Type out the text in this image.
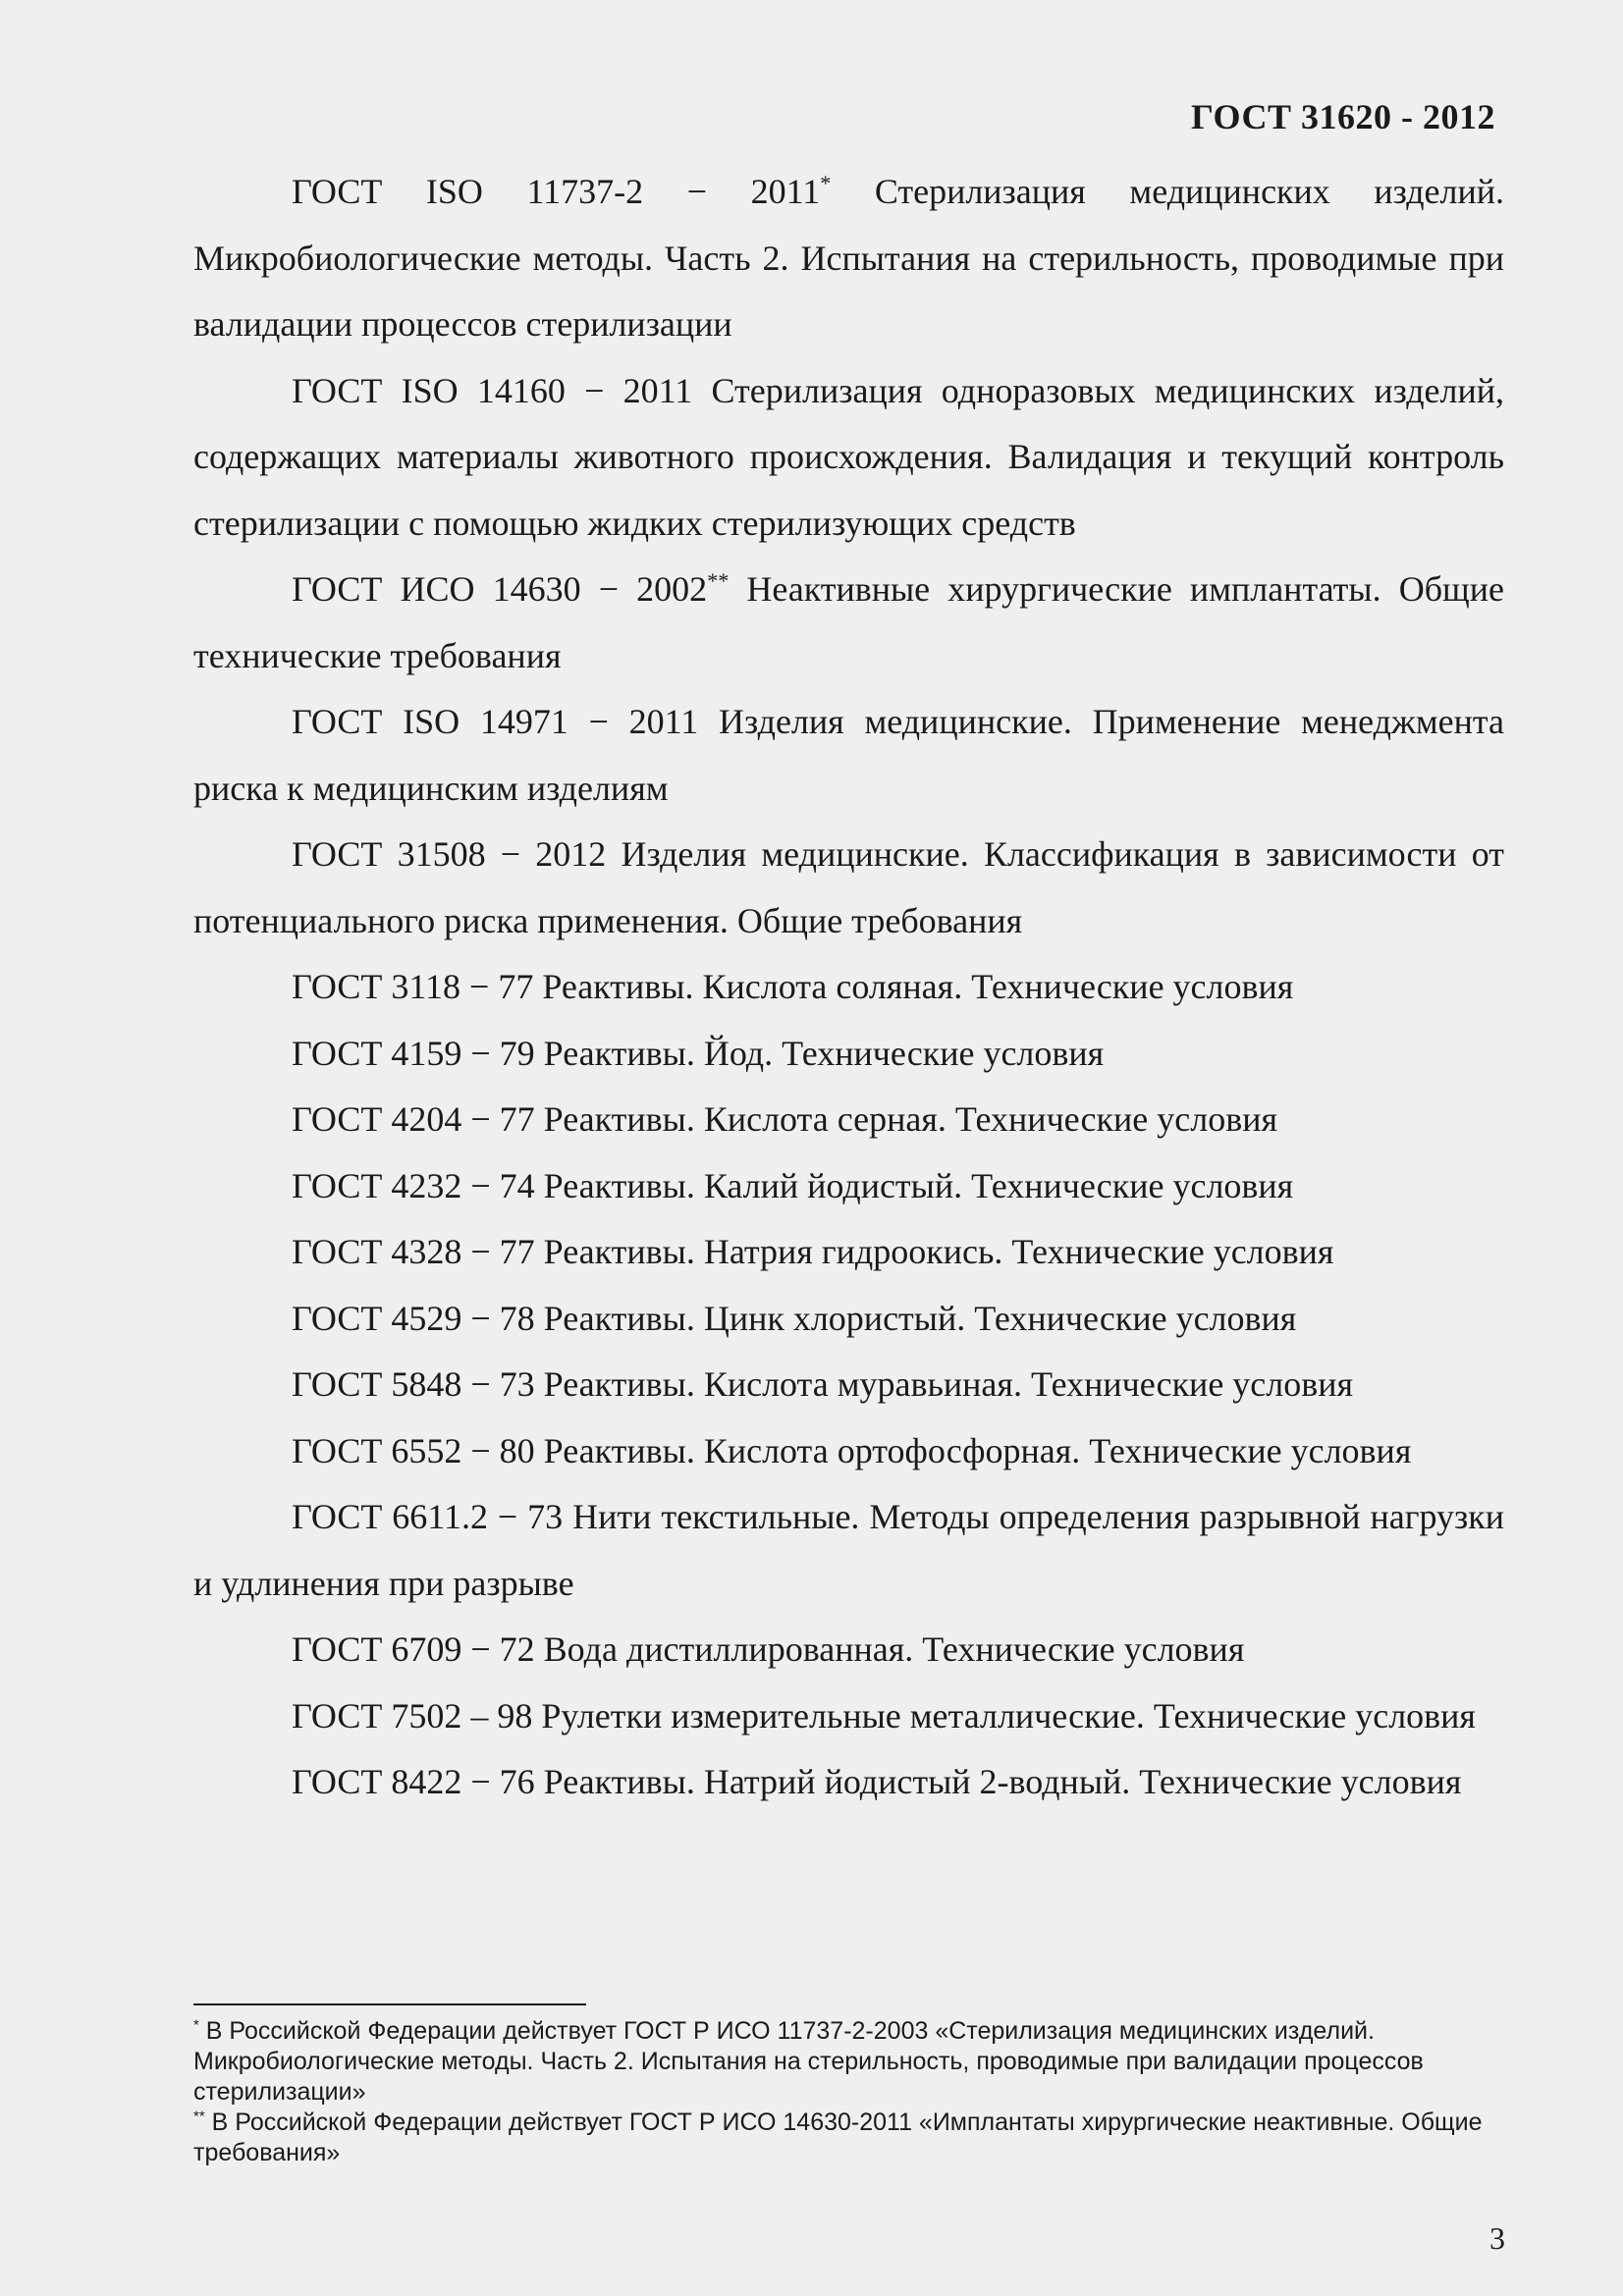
ГОСТ 31620 - 2012

ГОСТ ISO 11737-2 − 2011* Стерилизация медицинских изделий. Микробиологические методы. Часть 2. Испытания на стерильность, проводимые при валидации процессов стерилизации

ГОСТ ISO 14160 − 2011 Стерилизация одноразовых медицинских изделий, содержащих материалы животного происхождения. Валидация и текущий контроль стерилизации с помощью жидких стерилизующих средств

ГОСТ ИСО 14630 − 2002** Неактивные хирургические имплантаты. Общие технические требования

ГОСТ ISO 14971 − 2011 Изделия медицинские. Применение менеджмента риска к медицинским изделиям

ГОСТ 31508 − 2012 Изделия медицинские. Классификация в зависимости от потенциального риска применения. Общие требования

ГОСТ 3118 − 77 Реактивы. Кислота соляная. Технические условия

ГОСТ 4159 − 79 Реактивы. Йод. Технические условия

ГОСТ 4204 − 77 Реактивы. Кислота серная. Технические условия

ГОСТ 4232 − 74 Реактивы. Калий йодистый. Технические условия

ГОСТ 4328 − 77 Реактивы. Натрия гидроокись. Технические условия

ГОСТ 4529 − 78 Реактивы. Цинк хлористый. Технические условия

ГОСТ 5848 − 73 Реактивы. Кислота муравьиная. Технические условия

ГОСТ 6552 − 80 Реактивы. Кислота ортофосфорная. Технические условия

ГОСТ 6611.2 − 73 Нити текстильные. Методы определения разрывной нагрузки и удлинения при разрыве

ГОСТ 6709 − 72 Вода дистиллированная. Технические условия

ГОСТ 7502 – 98 Рулетки измерительные металлические. Технические условия

ГОСТ 8422 − 76 Реактивы. Натрий йодистый 2-водный. Технические условия

* В Российской Федерации действует ГОСТ Р ИСО 11737-2-2003 «Стерилизация медицинских изделий. Микробиологические методы. Часть 2. Испытания на стерильность, проводимые при валидации процессов стерилизации»

** В Российской Федерации действует ГОСТ Р ИСО 14630-2011 «Имплантаты хирургические неактивные. Общие требования»

3
